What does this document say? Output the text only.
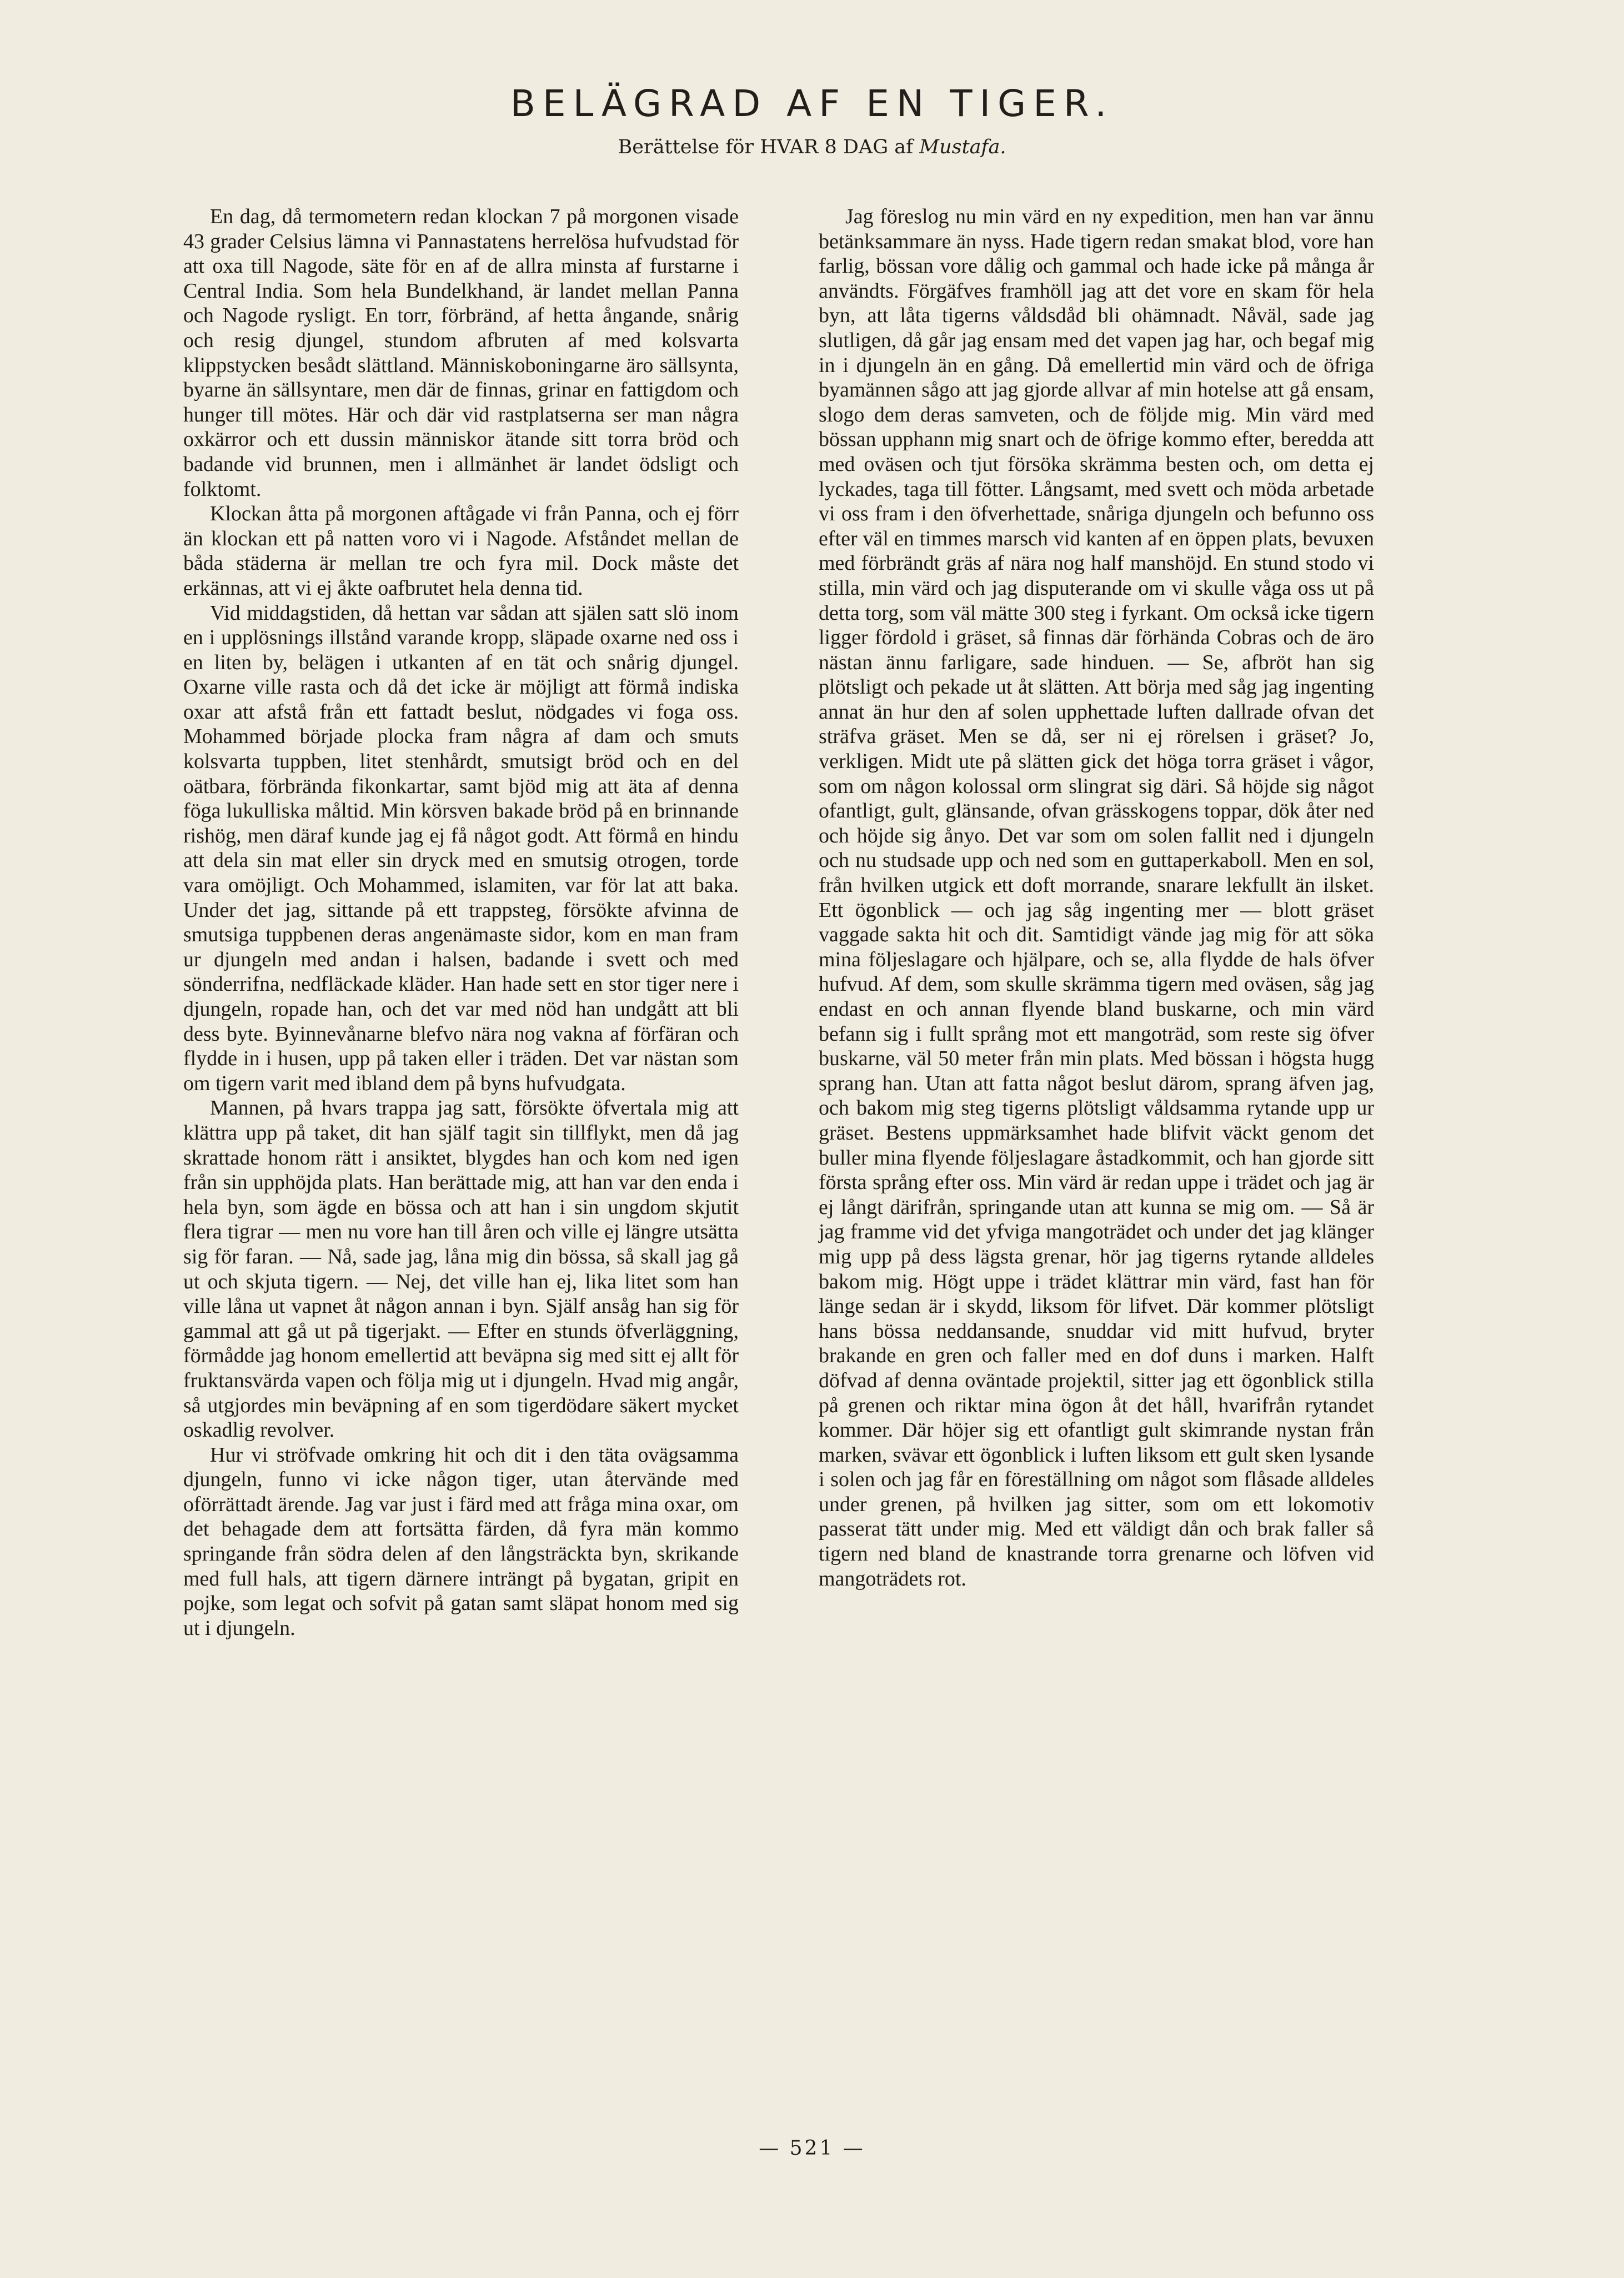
BELÄGRAD AF EN TIGER.
Berättelse för HVAR 8 DAG af Mustafa.

En dag, då termometern redan klockan 7 på morgonen visade 43 grader Celsius lämna vi Pannastatens herrelösa hufvudstad för att oxa till Nagode, säte för en af de allra minsta af furstarne i Central India. Som hela Bundelkhand, är landet mellan Panna och Nagode rysligt. En torr, förbränd, af hetta ångande, snårig och resig djungel, stundom afbruten af med kolsvarta klippstycken besådt slättland. Människoboningarne äro sällsynta, byarne än sällsyntare, men där de finnas, grinar en fattigdom och hunger till mötes. Här och där vid rastplatserna ser man några oxkärror och ett dussin människor ätande sitt torra bröd och badande vid brunnen, men i allmänhet är landet ödsligt och folktomt.

Klockan åtta på morgonen aftågade vi från Panna, och ej förr än klockan ett på natten voro vi i Nagode. Afståndet mellan de båda städerna är mellan tre och fyra mil. Dock måste det erkännas, att vi ej åkte oafbrutet hela denna tid.

Vid middagstiden, då hettan var sådan att själen satt slö inom en i upplösnings illstånd varande kropp, släpade oxarne ned oss i en liten by, belägen i utkanten af en tät och snårig djungel. Oxarne ville rasta och då det icke är möjligt att förmå indiska oxar att afstå från ett fattadt beslut, nödgades vi foga oss. Mohammed började plocka fram några af dam och smuts kolsvarta tuppben, litet stenhårdt, smutsigt bröd och en del oätbara, förbrända fikonkartar, samt bjöd mig att äta af denna föga lukulliska måltid. Min körsven bakade bröd på en brinnande rishög, men däraf kunde jag ej få något godt. Att förmå en hindu att dela sin mat eller sin dryck med en smutsig otrogen, torde vara omöjligt. Och Mohammed, islamiten, var för lat att baka. Under det jag, sittande på ett trappsteg, försökte afvinna de smutsiga tuppbenen deras angenämaste sidor, kom en man fram ur djungeln med andan i halsen, badande i svett och med sönderrifna, nedfläckade kläder. Han hade sett en stor tiger nere i djungeln, ropade han, och det var med nöd han undgått att bli dess byte. Byinnevånarne blefvo nära nog vakna af förfäran och flydde in i husen, upp på taken eller i träden. Det var nästan som om tigern varit med ibland dem på byns hufvudgata.

Mannen, på hvars trappa jag satt, försökte öfvertala mig att klättra upp på taket, dit han själf tagit sin tillflykt, men då jag skrattade honom rätt i ansiktet, blygdes han och kom ned igen från sin upphöjda plats. Han berättade mig, att han var den enda i hela byn, som ägde en bössa och att han i sin ungdom skjutit flera tigrar — men nu vore han till åren och ville ej längre utsätta sig för faran. — Nå, sade jag, låna mig din bössa, så skall jag gå ut och skjuta tigern. — Nej, det ville han ej, lika litet som han ville låna ut vapnet åt någon annan i byn. Själf ansåg han sig för gammal att gå ut på tigerjakt. — Efter en stunds öfverläggning, förmådde jag honom emellertid att beväpna sig med sitt ej allt för fruktansvärda vapen och följa mig ut i djungeln. Hvad mig angår, så utgjordes min beväpning af en som tigerdödare säkert mycket oskadlig revolver.

Hur vi ströfvade omkring hit och dit i den täta ovägsamma djungeln, funno vi icke någon tiger, utan återvände med oförrättadt ärende. Jag var just i färd med att fråga mina oxar, om det behagade dem att fortsätta färden, då fyra män kommo springande från södra delen af den långsträckta byn, skrikande med full hals, att tigern därnere inträngt på bygatan, gripit en pojke, som legat och sofvit på gatan samt släpat honom med sig ut i djungeln.

Jag föreslog nu min värd en ny expedition, men han var ännu betänksammare än nyss. Hade tigern redan smakat blod, vore han farlig, bössan vore dålig och gammal och hade icke på många år användts. Förgäfves framhöll jag att det vore en skam för hela byn, att låta tigerns våldsdåd bli ohämnadt. Nåväl, sade jag slutligen, då går jag ensam med det vapen jag har, och begaf mig in i djungeln än en gång. Då emellertid min värd och de öfriga byamännen sågo att jag gjorde allvar af min hotelse att gå ensam, slogo dem deras samveten, och de följde mig. Min värd med bössan upphann mig snart och de öfrige kommo efter, beredda att med oväsen och tjut försöka skrämma besten och, om detta ej lyckades, taga till fötter. Långsamt, med svett och möda arbetade vi oss fram i den öfverhettade, snåriga djungeln och befunno oss efter väl en timmes marsch vid kanten af en öppen plats, bevuxen med förbrändt gräs af nära nog half manshöjd. En stund stodo vi stilla, min värd och jag disputerande om vi skulle våga oss ut på detta torg, som väl mätte 300 steg i fyrkant. Om också icke tigern ligger fördold i gräset, så finnas där förhända Cobras och de äro nästan ännu farligare, sade hinduen. — Se, afbröt han sig plötsligt och pekade ut åt slätten. Att börja med såg jag ingenting annat än hur den af solen upphettade luften dallrade ofvan det sträfva gräset. Men se då, ser ni ej rörelsen i gräset? Jo, verkligen. Midt ute på slätten gick det höga torra gräset i vågor, som om någon kolossal orm slingrat sig däri. Så höjde sig något ofantligt, gult, glänsande, ofvan grässkogens toppar, dök åter ned och höjde sig ånyo. Det var som om solen fallit ned i djungeln och nu studsade upp och ned som en guttaperkaboll. Men en sol, från hvilken utgick ett doft morrande, snarare lekfullt än ilsket. Ett ögonblick — och jag såg ingenting mer — blott gräset vaggade sakta hit och dit. Samtidigt vände jag mig för att söka mina följeslagare och hjälpare, och se, alla flydde de hals öfver hufvud. Af dem, som skulle skrämma tigern med oväsen, såg jag endast en och annan flyende bland buskarne, och min värd befann sig i fullt språng mot ett mangoträd, som reste sig öfver buskarne, väl 50 meter från min plats. Med bössan i högsta hugg sprang han. Utan att fatta något beslut därom, sprang äfven jag, och bakom mig steg tigerns plötsligt våldsamma rytande upp ur gräset. Bestens uppmärksamhet hade blifvit väckt genom det buller mina flyende följeslagare åstadkommit, och han gjorde sitt första språng efter oss. Min värd är redan uppe i trädet och jag är ej långt därifrån, springande utan att kunna se mig om. — Så är jag framme vid det yfviga mangoträdet och under det jag klänger mig upp på dess lägsta grenar, hör jag tigerns rytande alldeles bakom mig. Högt uppe i trädet klättrar min värd, fast han för länge sedan är i skydd, liksom för lifvet. Där kommer plötsligt hans bössa neddansande, snuddar vid mitt hufvud, bryter brakande en gren och faller med en dof duns i marken. Halft döfvad af denna oväntade projektil, sitter jag ett ögonblick stilla på grenen och riktar mina ögon åt det håll, hvarifrån rytandet kommer. Där höjer sig ett ofantligt gult skimrande nystan från marken, svävar ett ögonblick i luften liksom ett gult sken lysande i solen och jag får en föreställning om något som flåsade alldeles under grenen, på hvilken jag sitter, som om ett lokomotiv passerat tätt under mig. Med ett väldigt dån och brak faller så tigern ned bland de knastrande torra grenarne och löfven vid mangoträdets rot.

— 521 —
